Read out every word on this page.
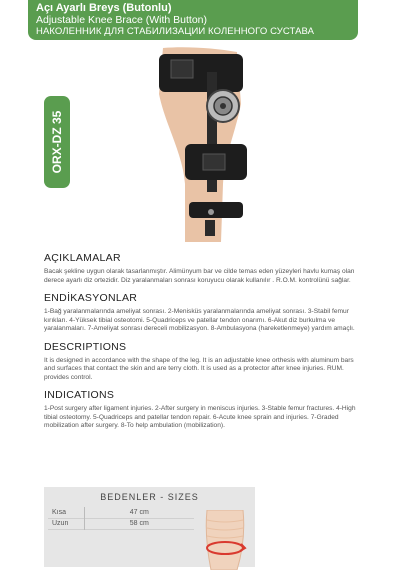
Açı Ayarlı Breys (Butonlu)
Adjustable Knee Brace (With Button)
НАКОЛЕННИК ДЛЯ СТАБИЛИЗАЦИИ КОЛЕННОГО СУСТАВА
ORX-DZ 35
AÇIKLAMALAR
Bacak şekline uygun olarak tasarlanmıştır. Alimünyum bar ve cilde temas eden yüzeyleri havlu kumaş olan derece ayarlı diz ortezidir. Diz yaralanmaları sonrası koruyucu olarak kullanılır . R.O.M. kontrolünü sağlar.
ENDİKASYONLAR
1-Bağ yaralanmalarında ameliyat sonrası. 2-Menisküs yaralanmalarında ameliyat sonrası. 3-Stabil femur kırıkları. 4-Yüksek tibial osteotomi. 5-Quadriceps ve patellar tendon onarımı. 6-Akut diz burkulma ve yaralanmaları. 7-Ameliyat sonrası dereceli mobilizasyon. 8-Ambulasyona (hareketlenmeye) yardım amaçlı.
DESCRIPTIONS
It is designed in accordance with the shape of the leg. It is an adjustable knee orthesis with aluminum bars and surfaces that contact the skin and are terry cloth. It is used as a protector after knee injuries. RUM. provides control.
INDICATIONS
1-Post surgery after ligament injuries. 2-After surgery in meniscus injuries. 3-Stable femur fractures. 4-High tibial osteotomy. 5-Quadriceps and patellar tendon repair. 6-Acute knee sprain and injuries. 7-Graded mobilization after surgery. 8-To help ambulation (mobilization).
BEDENLER - SIZES
Kısa	47 cm
Uzun	58 cm
